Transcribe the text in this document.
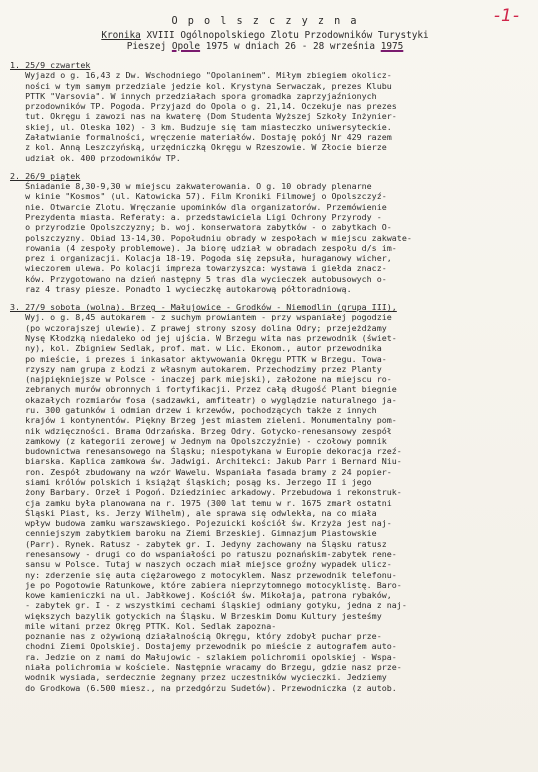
-1-
O p o l s z c z y z n a
Kronika XVIII Ogólnopolskiego Zlotu Przodowników Turystyki
Pieszej Opole 1975 w dniach 26 - 28 września 1975
1. 25/9 czwartek
Wyjazd o g. 16,43 z Dw. Wschodniego "Opolaninem". Miłym zbiegiem okolicz-
ności w tym samym przedziale jedzie kol. Krystyna Serwaczak, prezes Klubu
PTTK "Varsovia". W innych przedziałach spora gromadka zaprzyjaźnionych
przodowników TP. Pogoda. Przyjazd do Opola o g. 21,14. Oczekuje nas prezes
tut. Okręgu i zawozi nas na kwaterę (Dom Studenta Wyższej Szkoły Inżynier-
skiej, ul. Oleska 102) - 3 km. Budzuje się tam miasteczko uniwersyteckie.
Załatwianie formalności, wręczenie materiałów. Dostaję pokój Nr 429 razem
z kol. Anną Leszczyńską, urzędniczką Okręgu w Rzeszowie. W Złocie bierze
udział ok. 400 przodowników TP.
2. 26/9 piątek
Śniadanie 8,30-9,30 w miejscu zakwaterowania. O g. 10 obrady plenarne
w kinie "Kosmos" (ul. Katowicka 57). Film Kroniki Filmowej o Opolszczyź-
nie. Otwarcie Zlotu. Wręczanie upominków dla organizatorów. Przemówienie
Prezydenta miasta. Referaty: a. przedstawiciela Ligi Ochrony Przyrody -
o przyrodzie Opolszczyzny; b. woj. konserwatora zabytków - o zabytkach O-
polszczyzny. Obiad 13-14,30. Popołudniu obrady w zespołach w miejscu zakwate-
rowania (4 zespoły problemowe). Ja biorę udział w obradach zespołu d/s im-
prez i organizacji. Kolacja 18-19. Pogoda się zepsuła, huraganowy wicher,
wieczorem ulewa. Po kolacji impreza towarzyszca: wystawa i giełda znacz-
ków. Przygotowano na dzień następny 5 tras dla wycieczek autobusowych o-
raz 4 trasy piesze. Ponadto 1 wycieczkę autokarową półtoradniową.
3. 27/9 sobota (wolna). Brzeg - Małujowice - Grodków - Niemodlin (grupa III),
Wyj. o g. 8,45 autokarem - z suchym prowiantem - przy wspaniałej pogodzie
(po wczorajszej ulewie). Z prawej strony szosy dolina Odry; przejeżdżamy
Nysę Kłodzką niedaleko od jej ujścia. W Brzegu wita nas przewodnik (świet-
ny), kol. Zbigniew Sedlak, prof. mat. w Lic. Ekonom., autor przewodnika
po mieście, i prezes i inkasator aktywowania Okręgu PTTK w Brzegu. Towa-
rzyszy nam grupa z Łodzi z własnym autokarem. Przechodzimy przez Planty
(najpiękniejsze w Polsce - inaczej park miejski), założone na miejscu ro-
zebranych murów obronnych i fortyfikacji. Przez całą długość Plant biegnie
okazałych rozmiarów fosa (sadzawki, amfiteatr) o wyglądzie naturalnego ja-
ru. 300 gatunków i odmian drzew i krzewów, pochodzących także z innych
krajów i kontynentów. Piękny Brzeg jest miastem zieleni. Monumentalny pom-
nik wdzięczności. Brama Odrzańska. Brzeg Odry. Gotycko-renesansowy zespół
zamkowy (z kategorii zerowej w Jednym na Opolszczyźnie) - czołowy pomnik
budownictwa renesansowego na Śląsku; niespotykana w Europie dekoracja rzeź-
biarska. Kaplica zamkowa św. Jadwigi. Architekci: Jakub Parr i Bernard Niu-
ron. Zespół zbudowany na wzór Wawelu. Wspaniała fasada bramy z 24 popier-
siami królów polskich i książąt śląskich; posąg ks. Jerzego II i jego
żony Barbary. Orzeł i Pogoń. Dziedziniec arkadowy. Przebudowa i rekonstruk-
cja zamku była planowana na r. 1975 (300 lat temu w r. 1675 zmarł ostatni
Śląski Piast, ks. Jerzy Wilhelm), ale sprawa się odwlekła, na co miała
wpływ budowa zamku warszawskiego. Pojezuicki kościół św. Krzyża jest naj-
cenniejszym zabytkiem baroku na Ziemi Brzeskiej. Gimnazjum Piastowskie
(Parr). Rynek. Ratusz - zabytek gr. I. Jedyny zachowany na Śląsku ratusz
renesansowy - drugi co do wspaniałości po ratuszu poznańskim-zabytek rene-
sansu w Polsce. Tutaj w naszych oczach miał miejsce groźny wypadek ulicz-
ny: zderzenie się auta ciężarowego z motocyklem. Nasz przewodnik telefonu-
je po Pogotowie Ratunkowe, które zabiera nieprzytomnego motocyklistę. Baro-
kowe kamieniczki na ul. Jabłkowej. Kościół św. Mikołaja, patrona rybaków,
- zabytek gr. I - z wszystkimi cechami śląskiej odmiany gotyku, jedna z naj-
większych bazylik gotyckich na Śląsku. W Brzeskim Domu Kultury jesteśmy
mile witani przez Okręg PTTK. Kol. Sedlak zapozna-
poznanie nas z ożywioną działalnością Okręgu, który zdobył puchar prze-
chodni Ziemi Opolskiej. Dostajemy przewodnik po mieście z autografem auto-
ra. Jedzie on z nami do Małujowic - szlakiem polichromii opolskiej - Wspa-
niała polichromia w kościele. Następnie wracamy do Brzegu, gdzie nasz prze-
wodnik wysiada, serdecznie żegnany przez uczestników wycieczki. Jedziemy
do Grodkowa (6.500 miesz., na przedgórzu Sudetów). Przewodniczka (z autob.
